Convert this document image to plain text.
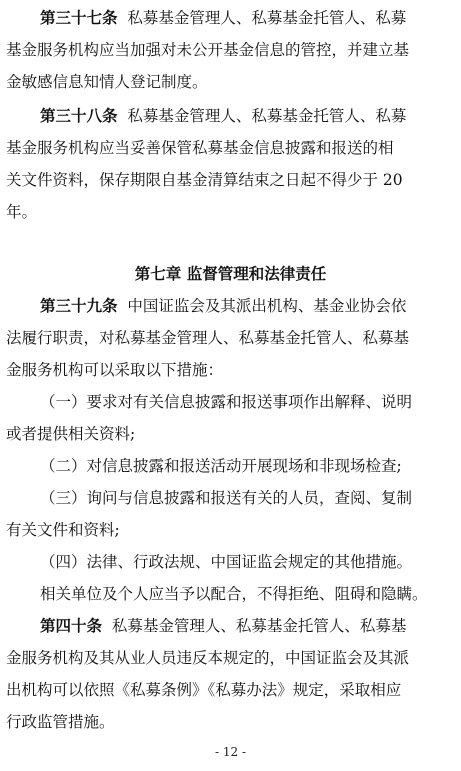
第三十七条 私募基金管理人、私募基金托管人、私募
基金服务机构应当加强对未公开基金信息的管控，并建立基
金敏感信息知情人登记制度。
第三十八条 私募基金管理人、私募基金托管人、私募
基金服务机构应当妥善保管私募基金信息披露和报送的相
关文件资料，保存期限自基金清算结束之日起不得少于 20
年。
第七章 监督管理和法律责任
第三十九条 中国证监会及其派出机构、基金业协会依
法履行职责，对私募基金管理人、私募基金托管人、私募基
金服务机构可以采取以下措施：
（一）要求对有关信息披露和报送事项作出解释、说明
或者提供相关资料;
（二）对信息披露和报送活动开展现场和非现场检查;
（三）询问与信息披露和报送有关的人员，查阅、复制
有关文件和资料;
（四）法律、行政法规、中国证监会规定的其他措施。
相关单位及个人应当予以配合，不得拒绝、阻碍和隐瞒。
第四十条 私募基金管理人、私募基金托管人、私募基
金服务机构及其从业人员违反本规定的，中国证监会及其派
出机构可以依照《私募条例》《私募办法》规定，采取相应
行政监管措施。
- 12 -
